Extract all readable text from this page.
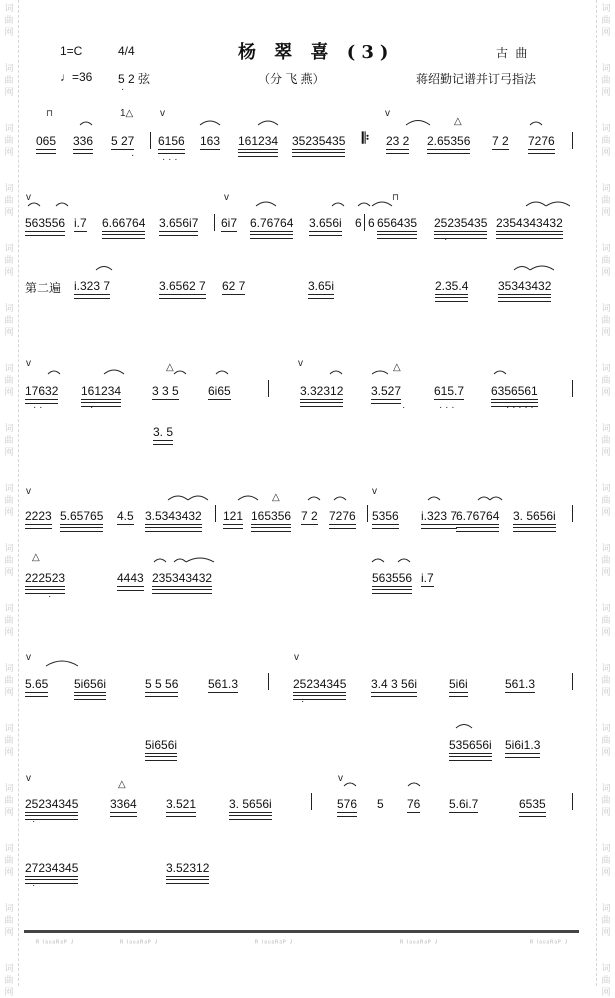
词
曲
网
词
曲
网
词
曲
网
词
曲
网
词
曲
网
词
曲
网
词
曲
网
词
曲
网
词
曲
网
词
曲
网
词
曲
网
词
曲
网
词
曲
网
词
曲
网
词
曲
网
词
曲
网
词
曲
网
词
曲
网
词
曲
网
词
曲
网
词
曲
网
词
曲
网
词
曲
网
词
曲
网
词
曲
网
词
曲
网
词
曲
网
词
曲
网
词
曲
网
词
曲
网
词
曲
网
词
曲
网
词
曲
网
词
曲
网
杨 翠 喜 (3)
1=C	4/4	古 曲
♩=36 5 2 弦	（分 飞 燕）	蒋绍勤记谱并订弓指法
·
065 336 5 27 6156 163 161234 35235435 𝄆 23 2 2.65356 7 2 7276
⊓	1△	v	v
△
563556 i.7 6.66764 3.656i7 6i7 6.76764 3.656i 6 6 656435 25235435 2354343432
v	v	⊓
第二遍 i.323 7	3.6562 7 62 7	3.65i	2.35.4 35343432
17632 161234	3 3 5 6i65	3.32312 3.527	615.7 6356561
3. 5
v	v
△	△
2223 5.65765 4.5 3.5343432 121 165356 7 2 7276 5356 i.323 7
6.76764 3. 5656i
v	v
△
222523	4443 235343432	563556 i.7
△
5.65 5i656i	5 5 56 561.3	25234345 3.4 3 56i	5i6i	561.3
5i656i	535656i 5i6i1.3
v	v
25234345	3364 3.521	3. 5656i	576 5 76 5.6i.7	6535
27234345	3.52312
v
△
v
·	· · ·
·
· ·	·	·	· · ·	· · · · ·
·
·
·
·
ᴿ ᴵᵃᵘᵃᴿᵃᴾ ᴶ	ᴿ ᴵᵃᵘᵃᴿᵃᴾ ᴶ	ᴿ ᴵᵃᵘᵃᴿᵃᴾ ᴶ	ᴿ ᴵᵃᵘᵃᴿᵃᴾ ᴶ	ᴿ ᴵᵃᵘᵃᴿᵃᴾ ᴶ
